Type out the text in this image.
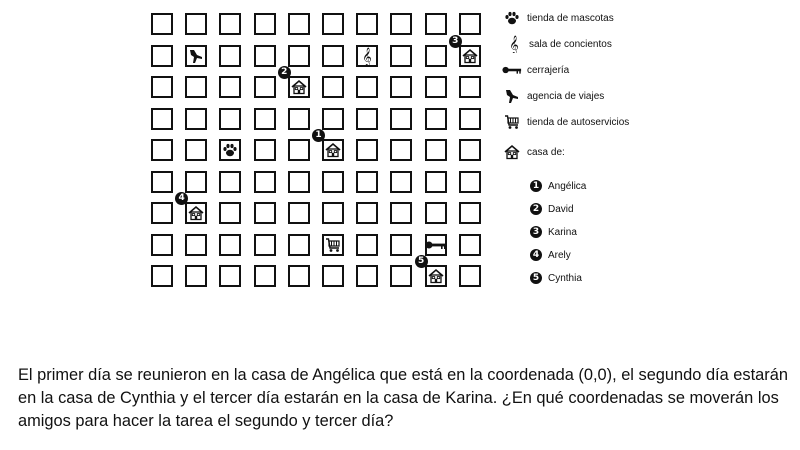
𝄞
1
2
3
4
5
tienda de mascotas
𝄞 sala de concientos
cerrajería
agencia de viajes
tienda de autoservicios
casa de:
1 Angélica
2 David
3 Karina
4 Arely
5 Cynthia
El primer día se reunieron en la casa de Angélica que está en la coordenada (0,0), el segundo día estarán en la casa de Cynthia y el tercer día estarán en la casa de Karina. ¿En qué coordenadas se moverán los amigos para hacer la tarea el segundo y tercer día?
